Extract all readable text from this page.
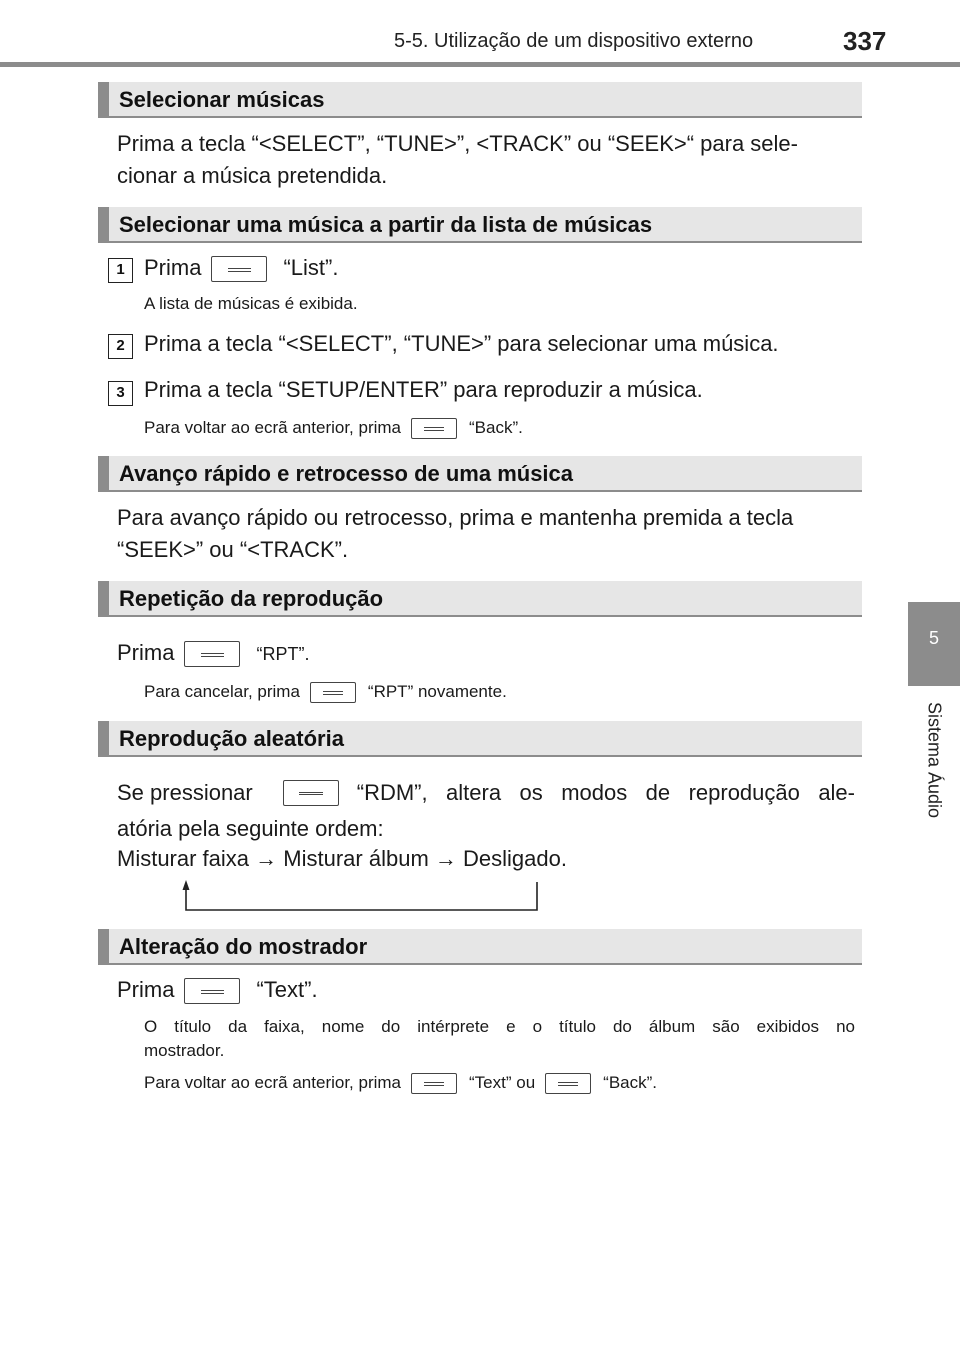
5-5. Utilização de um dispositivo externo	337
5
Sistema Áudio
Selecionar músicas
Prima a tecla “<SELECT”, “TUNE>”, <TRACK” ou “SEEK>“ para sele-
cionar a música pretendida.
Selecionar uma música a partir da lista de músicas
1 Prima	“List”.
A lista de músicas é exibida.
2 Prima a tecla “<SELECT”, “TUNE>” para selecionar uma música.
3 Prima a tecla “SETUP/ENTER” para reproduzir a música.
Para voltar ao ecrã anterior, prima	“Back”.
Avanço rápido e retrocesso de uma música
Para avanço rápido ou retrocesso, prima e mantenha premida a tecla
“SEEK>” ou “<TRACK”.
Repetição da reprodução
Prima	“RPT”.
Para cancelar, prima	“RPT” novamente.
Reprodução aleatória
Se pressionar	“RDM”, altera os modos de reprodução ale-
atória pela seguinte ordem:
Misturar faixa → Misturar álbum → Desligado.
Alteração do mostrador
Prima	“Text”.
O título da faixa, nome do intérprete e o título do álbum são exibidos no
mostrador.
Para voltar ao ecrã anterior, prima	“Text” ou	“Back”.
